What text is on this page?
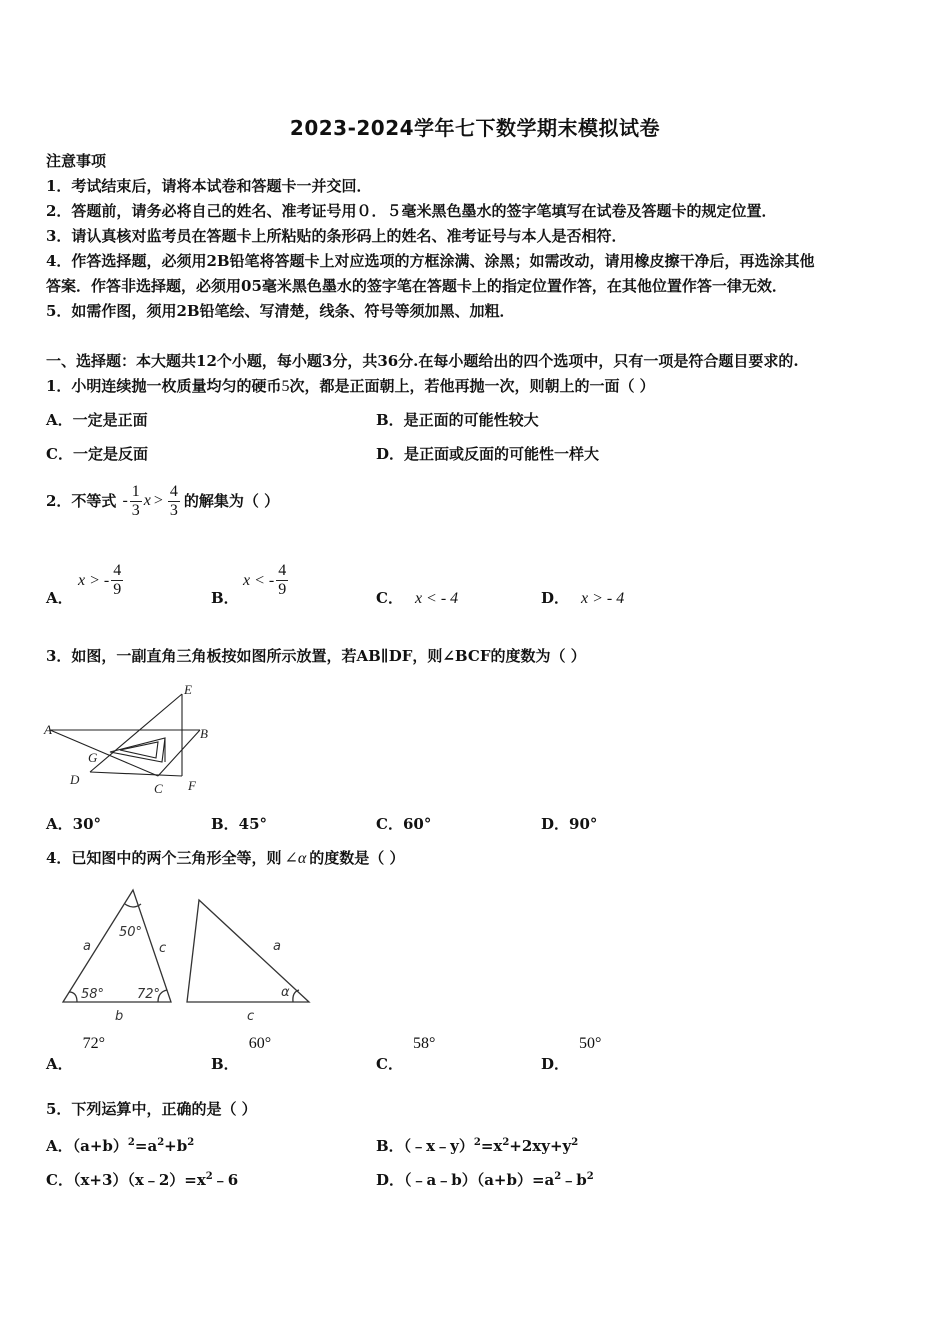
2023-2024学年七下数学期末模拟试卷
注意事项
1．考试结束后，请将本试卷和答题卡一并交回．
2．答题前，请务必将自己的姓名、准考证号用０．５毫米黑色墨水的签字笔填写在试卷及答题卡的规定位置．
3．请认真核对监考员在答题卡上所粘贴的条形码上的姓名、准考证号与本人是否相符．
4．作答选择题，必须用2B铅笔将答题卡上对应选项的方框涂满、涂黑；如需改动，请用橡皮擦干净后，再选涂其他
答案．作答非选择题，必须用05毫米黑色墨水的签字笔在答题卡上的指定位置作答，在其他位置作答一律无效．
5．如需作图，须用2B铅笔绘、写清楚，线条、符号等须加黑、加粗．
一、选择题：本大题共12个小题，每小题3分，共36分.在每小题给出的四个选项中，只有一项是符合题目要求的.
1．小明连续抛一枚质量均匀的硬币5次，都是正面朝上，若他再抛一次，则朝上的一面（ ）
A．一定是正面	B．是正面的可能性较大
C．一定是反面	D．是正面或反面的可能性一样大
2．不等式 - $\frac{1}{3}$ $x > \frac{4}{3}$ 的解集为（ ）
A．
x > - $\frac{4}{9}$	B．
x < - $\frac{4}{9}$	C． x < - 4	D． x > - 4
3．如图，一副直角三角板按如图所示放置，若AB∥DF，则∠BCF的度数为（ ）
A	B
C
D
E
F
G
A．30°	B．45°	C．60°	D．90°
4．已知图中的两个三角形全等，则 ∠α 的度数是（ ）
50°
58°	72°
a
b
c	a
α
c
A．72°
B．60°
C．58°
D．50°
5．下列运算中，正确的是（ ）
A．$(a+b)^2=a^2+b^2$	B．$(﹣x﹣y)^2=x^2+2xy+y^2$
C．$(x+3)(x﹣2)=x^2﹣6$	D．$(﹣a﹣b)(a+b)=a^2﹣b^2$
